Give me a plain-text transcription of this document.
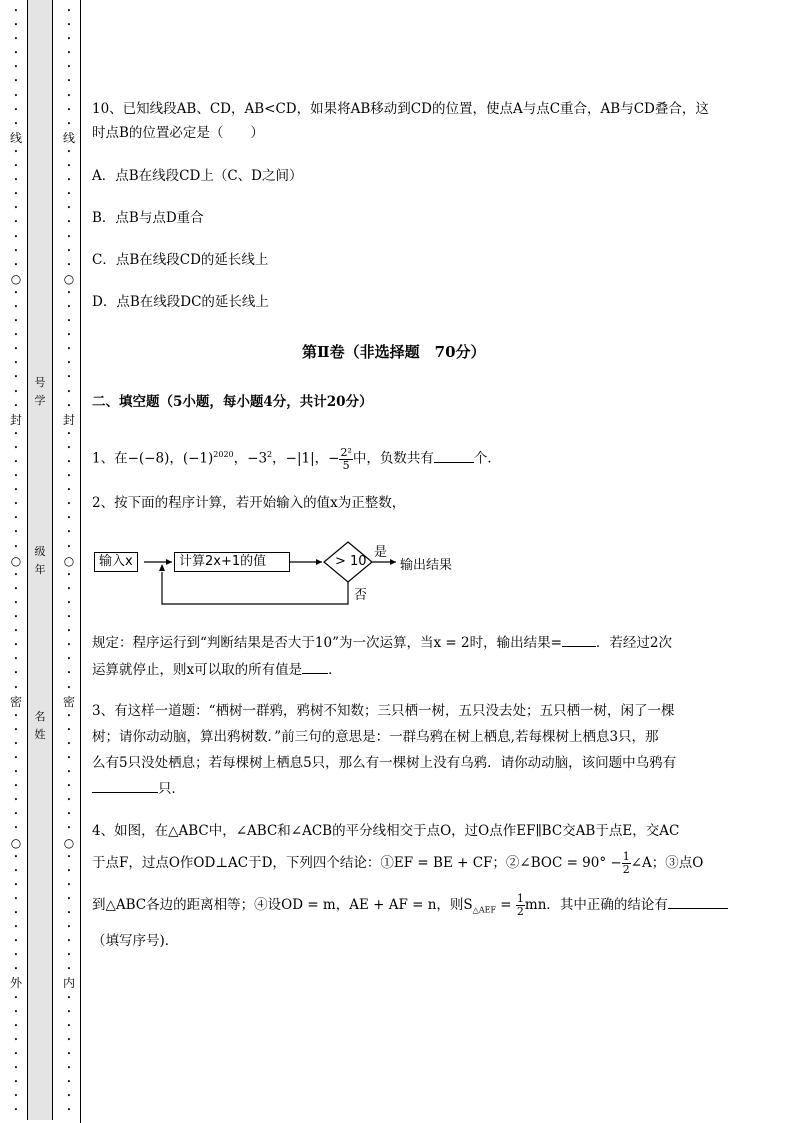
•
•
•
•
•
•
•
•
•
线
•
•
•
•
•
•
•
•
•
○
•
•
•
•
•
•
•
•
•
封
•
•
•
•
•
•
•
•
•
○
•
•
•
•
•
•
•
•
•
密
•
•
•
•
•
•
•
•
•
○
•
•
•
•
•
•
•
•
•
外
•
•
•
•
•
•
•
•
•
号
学
级
年
名
姓
•
•
•
•
•
•
•
•
•
线
•
•
•
•
•
•
•
•
•
○
•
•
•
•
•
•
•
•
•
封
•
•
•
•
•
•
•
•
•
○
•
•
•
•
•
•
•
•
•
密
•
•
•
•
•
•
•
•
•
○
•
•
•
•
•
•
•
•
•
内
•
•
•
•
•
•
•
•
•
10、已知线段AB、CD，AB<CD，如果将AB移动到CD的位置，使点A与点C重合，AB与CD叠合，这
时点B的位置必定是（　　）
A．点B在线段CD上（C、D之间）
B．点B与点D重合
C．点B在线段CD的延长线上
D．点B在线段DC的延长线上
第Ⅱ卷（非选择题　70分）
二、填空题（5小题，每小题4分，共计20分）
1、在−(−8)，$(-1)^{2020}$，$-3^2$，−|1|，− $\frac{\text{2²}}{5}$ 中，负数共有	个．
2、按下面的程序计算，若开始输入的值x为正整数，
输入x	计算2x+1的值	> 10
是
否
输出结果
规定：程序运行到“判断结果是否大于10”为一次运算，当x = 2时，输出结果=	．若经过2次
运算就停止，则x可以取的所有值是 ．
3、有这样一道题：“栖树一群鸦，鸦树不知数；三只栖一树，五只没去处；五只栖一树，闲了一棵
树；请你动动脑，算出鸦树数．”前三句的意思是：一群乌鸦在树上栖息,若每棵树上栖息3只，那
么有5只没处栖息；若每棵树上栖息5只，那么有一棵树上没有乌鸦．请你动动脑，该问题中乌鸦有
只．
4、如图，在△ABC中，∠ABC和∠ACB的平分线相交于点O，过O点作EF∥BC交AB于点E，交AC
于点F，过点O作OD⊥AC于D，下列四个结论：①EF = BE + CF；②∠BOC = $90^\circ - \frac{1}{2}$ ∠A；③点O
到△ABC各边的距离相等；④设OD = m，AE + AF = n，则$S_{\triangle AEF} = \frac{1}{2}$ mn．其中正确的结论有
（填写序号)．
